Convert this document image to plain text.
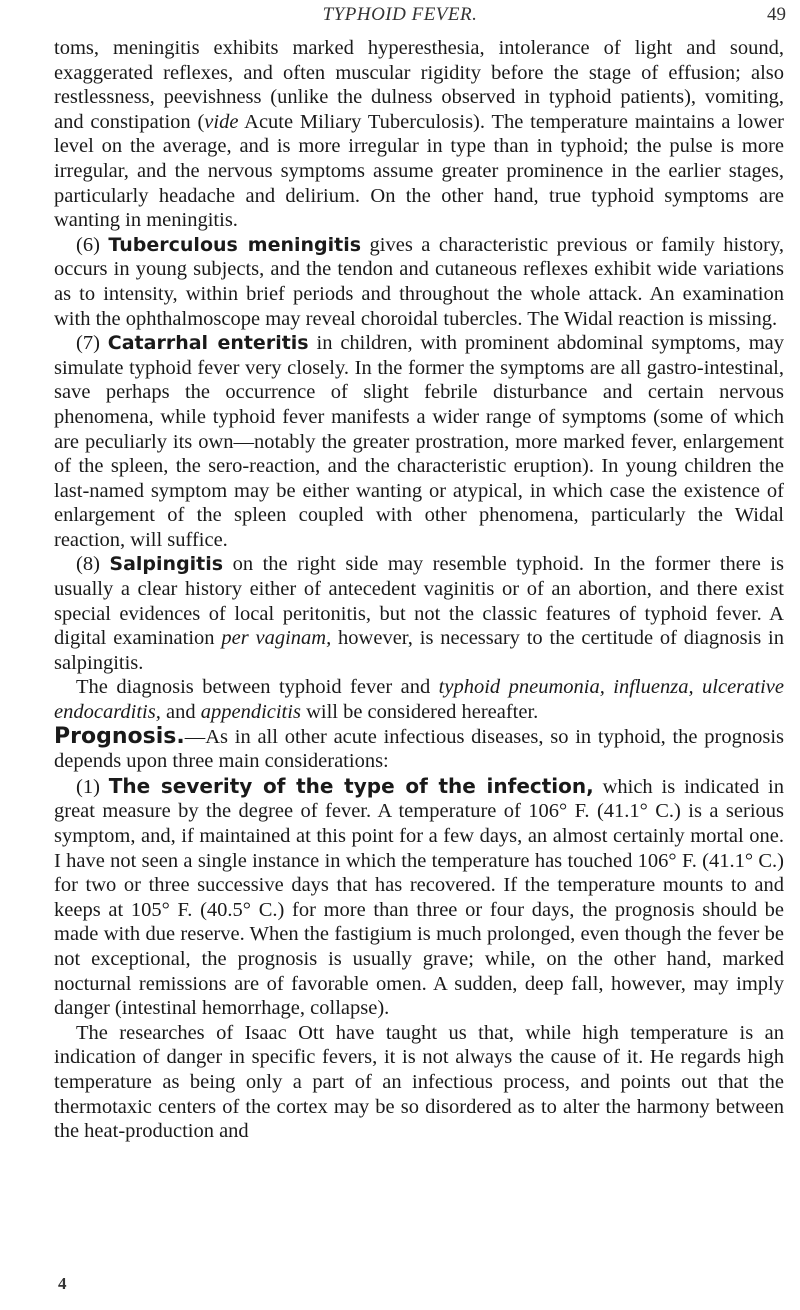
TYPHOID FEVER.	49

toms, meningitis exhibits marked hyperesthesia, intolerance of light and sound, exaggerated reflexes, and often muscular rigidity before the stage of effusion; also restlessness, peevishness (unlike the dulness observed in typhoid patients), vomiting, and constipation (vide Acute Miliary Tuberculosis). The temperature maintains a lower level on the average, and is more irregular in type than in typhoid; the pulse is more irregular, and the nervous symptoms assume greater prominence in the earlier stages, particularly headache and delirium. On the other hand, true typhoid symptoms are wanting in meningitis.

(6) Tuberculous meningitis gives a characteristic previous or family history, occurs in young subjects, and the tendon and cutaneous reflexes exhibit wide variations as to intensity, within brief periods and throughout the whole attack. An examination with the ophthalmoscope may reveal choroidal tubercles. The Widal reaction is missing.

(7) Catarrhal enteritis in children, with prominent abdominal symptoms, may simulate typhoid fever very closely. In the former the symptoms are all gastro-intestinal, save perhaps the occurrence of slight febrile disturbance and certain nervous phenomena, while typhoid fever manifests a wider range of symptoms (some of which are peculiarly its own—notably the greater prostration, more marked fever, enlargement of the spleen, the sero-reaction, and the characteristic eruption). In young children the last-named symptom may be either wanting or atypical, in which case the existence of enlargement of the spleen coupled with other phenomena, particularly the Widal reaction, will suffice.

(8) Salpingitis on the right side may resemble typhoid. In the former there is usually a clear history either of antecedent vaginitis or of an abortion, and there exist special evidences of local peritonitis, but not the classic features of typhoid fever. A digital examination per vaginam, however, is necessary to the certitude of diagnosis in salpingitis.

The diagnosis between typhoid fever and typhoid pneumonia, influenza, ulcerative endocarditis, and appendicitis will be considered hereafter.

Prognosis.—As in all other acute infectious diseases, so in typhoid, the prognosis depends upon three main considerations:

(1) The severity of the type of the infection, which is indicated in great measure by the degree of fever. A temperature of 106° F. (41.1° C.) is a serious symptom, and, if maintained at this point for a few days, an almost certainly mortal one. I have not seen a single instance in which the temperature has touched 106° F. (41.1° C.) for two or three successive days that has recovered. If the temperature mounts to and keeps at 105° F. (40.5° C.) for more than three or four days, the prognosis should be made with due reserve. When the fastigium is much prolonged, even though the fever be not exceptional, the prognosis is usually grave; while, on the other hand, marked nocturnal remissions are of favorable omen. A sudden, deep fall, however, may imply danger (intestinal hemorrhage, collapse).

The researches of Isaac Ott have taught us that, while high temperature is an indication of danger in specific fevers, it is not always the cause of it. He regards high temperature as being only a part of an infectious process, and points out that the thermotaxic centers of the cortex may be so disordered as to alter the harmony between the heat-production and

4
